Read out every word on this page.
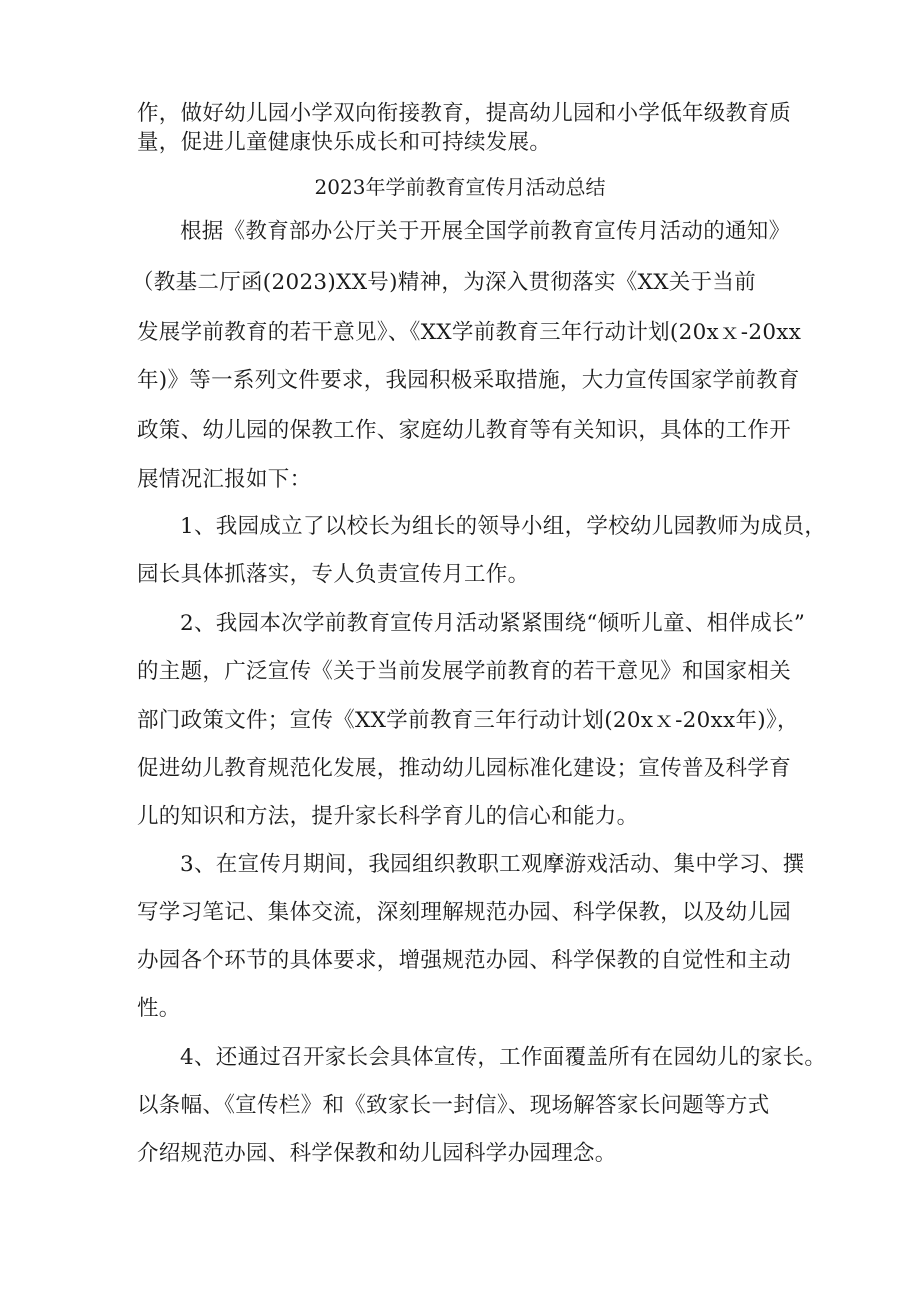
作，做好幼儿园小学双向衔接教育，提高幼儿园和小学低年级教育质
量，促进儿童健康快乐成长和可持续发展。
2023年学前教育宣传月活动总结
根据《教育部办公厅关于开展全国学前教育宣传月活动的通知》
（教基二厅函(2023)XX号)精神，为深入贯彻落实《XX关于当前
发展学前教育的若干意见》、《XX学前教育三年行动计划(20xｘ-20xx
年)》等一系列文件要求，我园积极采取措施，大力宣传国家学前教育
政策、幼儿园的保教工作、家庭幼儿教育等有关知识，具体的工作开
展情况汇报如下：
1、我园成立了以校长为组长的领导小组，学校幼儿园教师为成员，
园长具体抓落实，专人负责宣传月工作。
2、我园本次学前教育宣传月活动紧紧围绕“倾听儿童、相伴成长”
的主题，广泛宣传《关于当前发展学前教育的若干意见》和国家相关
部门政策文件；宣传《XX学前教育三年行动计划(20xｘ-20xx年)》，
促进幼儿教育规范化发展，推动幼儿园标准化建设；宣传普及科学育
儿的知识和方法，提升家长科学育儿的信心和能力。
3、在宣传月期间，我园组织教职工观摩游戏活动、集中学习、撰
写学习笔记、集体交流，深刻理解规范办园、科学保教，以及幼儿园
办园各个环节的具体要求，增强规范办园、科学保教的自觉性和主动
性。
4、还通过召开家长会具体宣传，工作面覆盖所有在园幼儿的家长。
以条幅、《宣传栏》和《致家长一封信》、现场解答家长问题等方式
介绍规范办园、科学保教和幼儿园科学办园理念。
